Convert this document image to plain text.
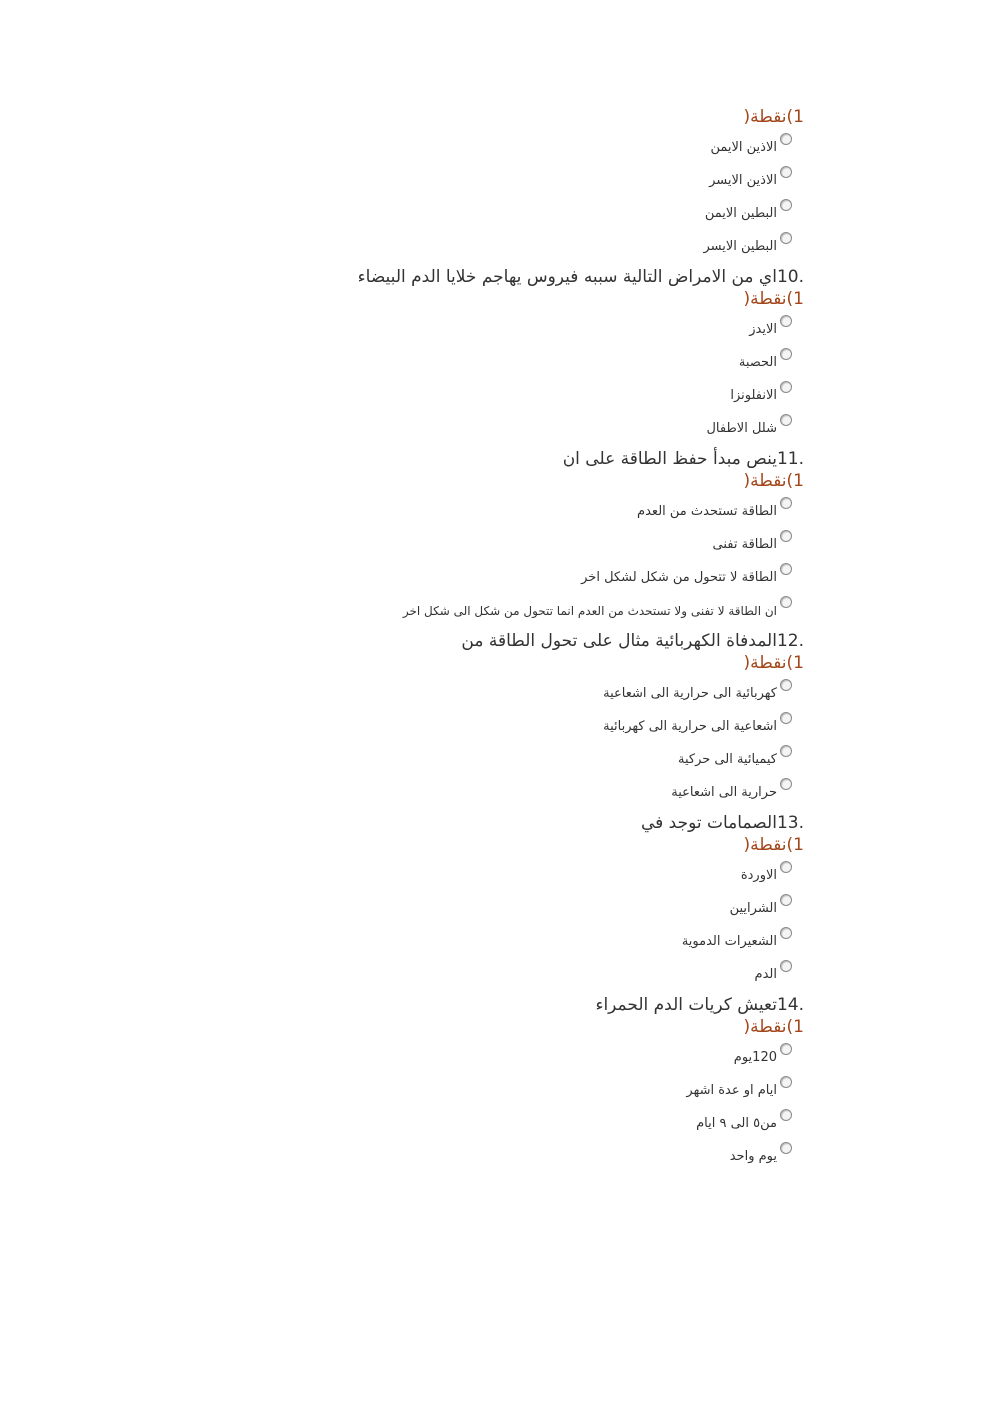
1)نقطة(
الاذين الايمن
الاذين الايسر
البطين الايمن
البطين الايسر
.10اي من الامراض التالية سببه فيروس يهاجم خلايا الدم البيضاء
1)نقطة(
الايدز
الحصبة
الانفلونزا
شلل الاطفال
.11ينص مبدأ حفظ الطاقة على ان
1)نقطة(
الطاقة تستحدث من العدم
الطاقة تفنى
الطاقة لا تتحول من شكل لشكل اخر
ان الطاقة لا تفنى ولا تستحدث من العدم انما تتحول من شكل الى شكل اخر
.12المدفاة الكهربائية مثال على تحول الطاقة من
1)نقطة(
كهربائية الى حرارية الى اشعاعية
اشعاعية الى حرارية الى كهربائية
كيميائية الى حركية
حرارية الى اشعاعية
.13الصمامات توجد في
1)نقطة(
الاوردة
الشرايين
الشعيرات الدموية
الدم
.14تعيش كريات الدم الحمراء
1)نقطة(
120يوم
ايام او عدة اشهر
من٥ الى ٩ ايام
يوم واحد
